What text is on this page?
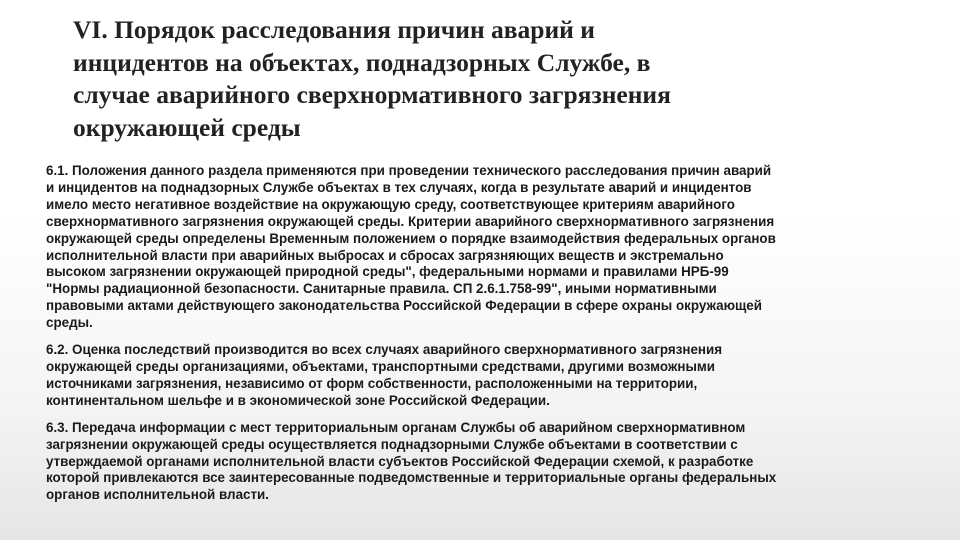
VI. Порядок расследования причин аварий и
инцидентов на объектах, поднадзорных Службе, в
случае аварийного сверхнормативного загрязнения
окружающей среды

6.1. Положения данного раздела применяются при проведении технического расследования причин аварий
и инцидентов на поднадзорных Службе объектах в тех случаях, когда в результате аварий и инцидентов
имело место негативное воздействие на окружающую среду, соответствующее критериям аварийного
сверхнормативного загрязнения окружающей среды. Критерии аварийного сверхнормативного загрязнения
окружающей среды определены Временным положением о порядке взаимодействия федеральных органов
исполнительной власти при аварийных выбросах и сбросах загрязняющих веществ и экстремально
высоком загрязнении окружающей природной среды", федеральными нормами и правилами НРБ-99
"Нормы радиационной безопасности. Санитарные правила. СП 2.6.1.758-99", иными нормативными
правовыми актами действующего законодательства Российской Федерации в сфере охраны окружающей
среды.

6.2. Оценка последствий производится во всех случаях аварийного сверхнормативного загрязнения
окружающей среды организациями, объектами, транспортными средствами, другими возможными
источниками загрязнения, независимо от форм собственности, расположенными на территории,
континентальном шельфе и в экономической зоне Российской Федерации.

6.3. Передача информации с мест территориальным органам Службы об аварийном сверхнормативном
загрязнении окружающей среды осуществляется поднадзорными Службе объектами в соответствии с
утверждаемой органами исполнительной власти субъектов Российской Федерации схемой, к разработке
которой привлекаются все заинтересованные подведомственные и территориальные органы федеральных
органов исполнительной власти.
